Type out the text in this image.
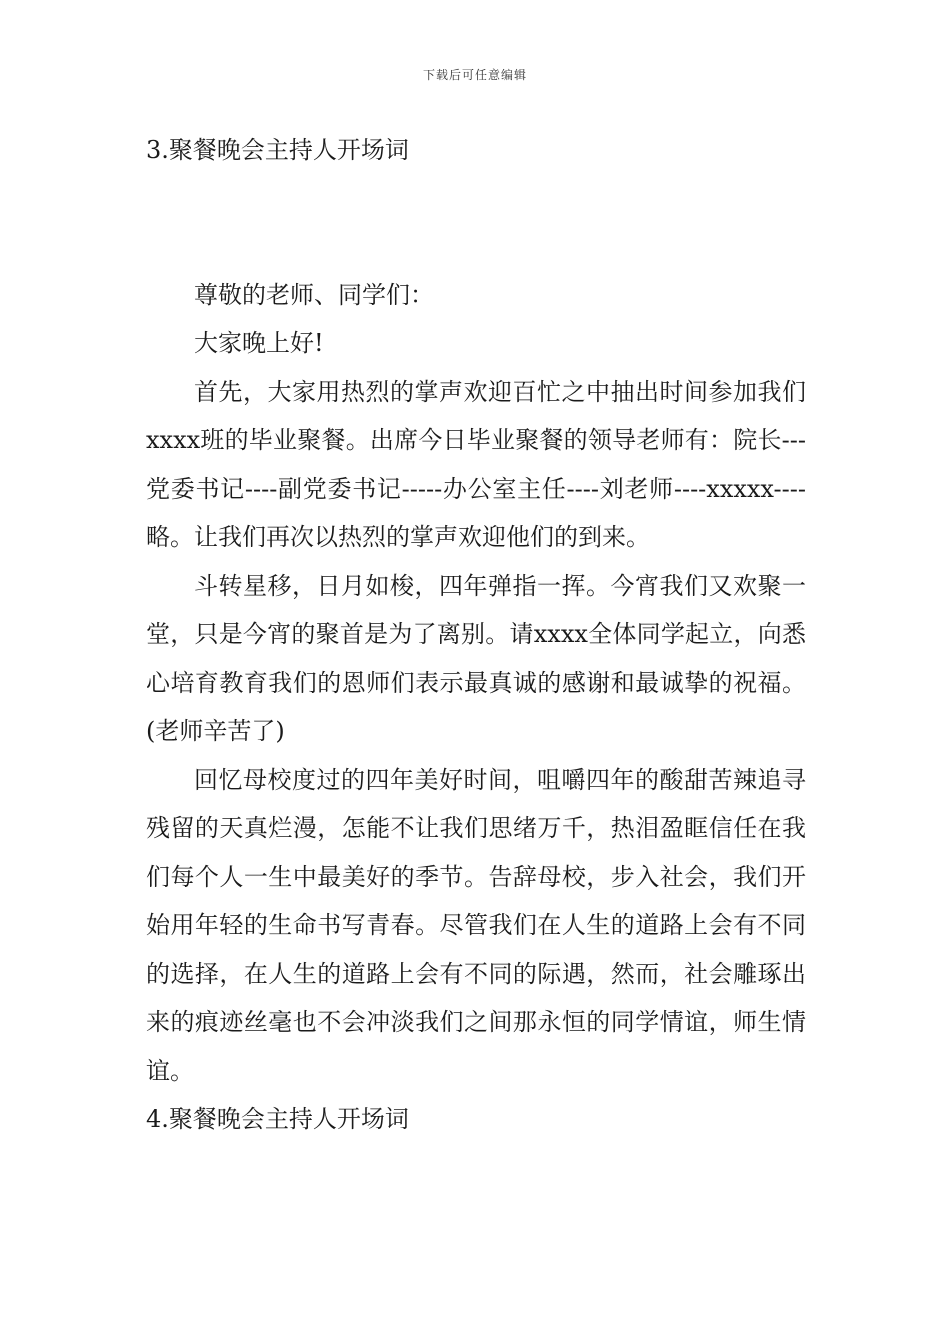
下载后可任意编辑

3.聚餐晚会主持人开场词

尊敬的老师、同学们：

大家晚上好!

首先，大家用热烈的掌声欢迎百忙之中抽出时间参加我们xxxx班的毕业聚餐。出席今日毕业聚餐的领导老师有：院长---党委书记----副党委书记-----办公室主任----刘老师----xxxxx----略。让我们再次以热烈的掌声欢迎他们的到来。

斗转星移，日月如梭，四年弹指一挥。今宵我们又欢聚一堂，只是今宵的聚首是为了离别。请xxxx全体同学起立，向悉心培育教育我们的恩师们表示最真诚的感谢和最诚挚的祝福。(老师辛苦了)

回忆母校度过的四年美好时间，咀嚼四年的酸甜苦辣追寻残留的天真烂漫，怎能不让我们思绪万千，热泪盈眶信任在我们每个人一生中最美好的季节。告辞母校，步入社会，我们开始用年轻的生命书写青春。尽管我们在人生的道路上会有不同的选择，在人生的道路上会有不同的际遇，然而，社会雕琢出来的痕迹丝毫也不会冲淡我们之间那永恒的同学情谊，师生情谊。

4.聚餐晚会主持人开场词
